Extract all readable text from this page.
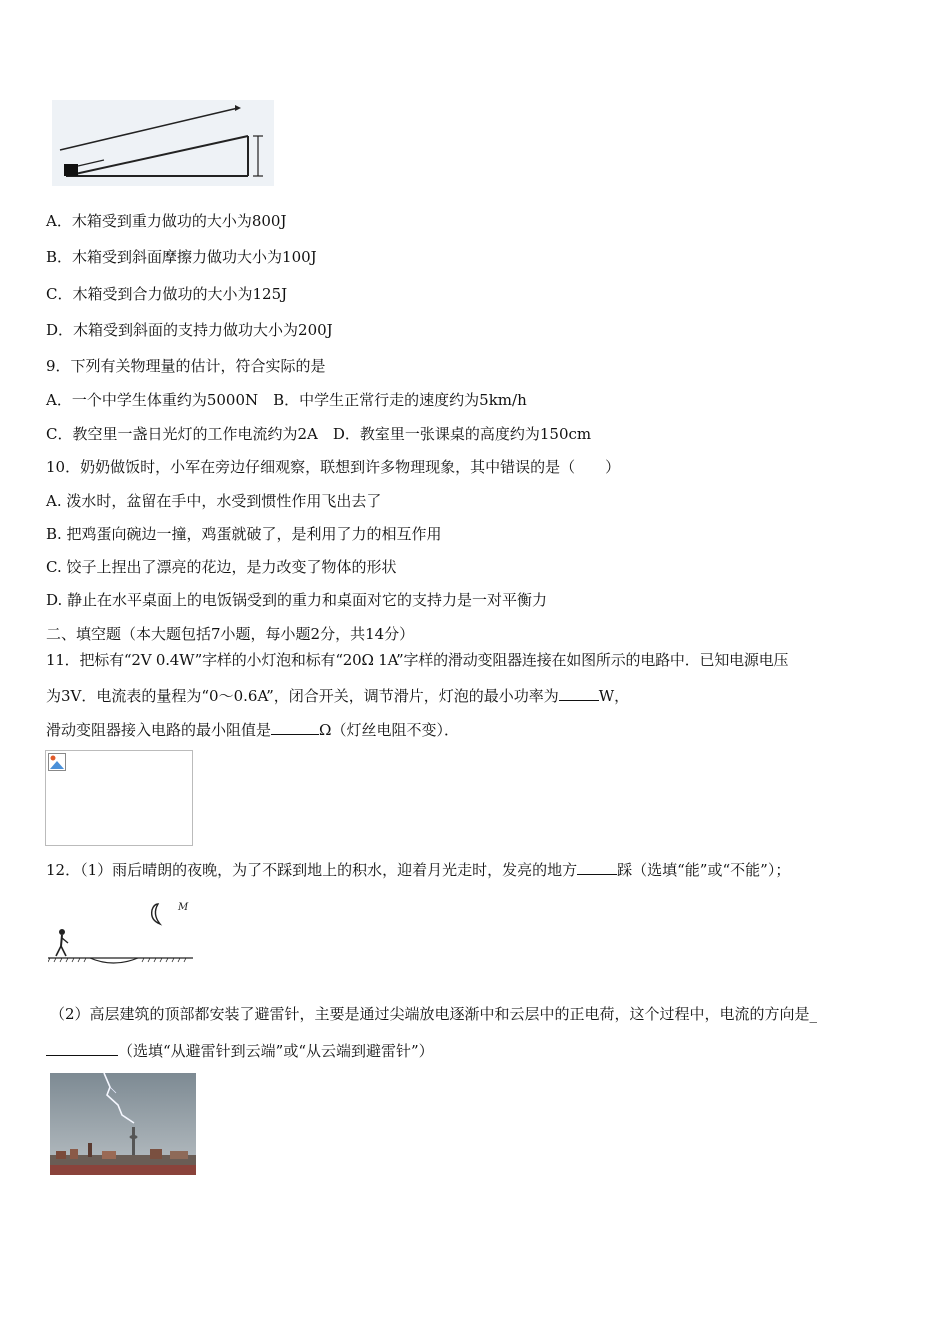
A．木箱受到重力做功的大小为800J
B．木箱受到斜面摩擦力做功大小为100J
C．木箱受到合力做功的大小为125J
D．木箱受到斜面的支持力做功大小为200J
9．下列有关物理量的估计，符合实际的是
A．一个中学生体重约为5000N　B．中学生正常行走的速度约为5km/h
C．教空里一盏日光灯的工作电流约为2A　D．教室里一张课桌的高度约为150cm
10．奶奶做饭时，小军在旁边仔细观察，联想到许多物理现象，其中错误的是（　　）
A. 泼水时，盆留在手中，水受到惯性作用飞出去了
B. 把鸡蛋向碗边一撞，鸡蛋就破了，是利用了力的相互作用
C. 饺子上捏出了漂亮的花边，是力改变了物体的形状
D. 静止在水平桌面上的电饭锅受到的重力和桌面对它的支持力是一对平衡力
二、填空题（本大题包括7小题，每小题2分，共14分）
11．把标有“2V 0.4W”字样的小灯泡和标有“20Ω 1A”字样的滑动变阻器连接在如图所示的电路中．已知电源电压
为3V．电流表的量程为“0～0.6A”，闭合开关，调节滑片，灯泡的最小功率为	W，
滑动变阻器接入电路的最小阻值是	Ω（灯丝电阻不变）．
12．（1）雨后晴朗的夜晚，为了不踩到地上的积水，迎着月光走时，发亮的地方	踩（选填“能”或“不能”）；
M
（2）高层建筑的顶部都安装了避雷针，主要是通过尖端放电逐渐中和云层中的正电荷，这个过程中，电流的方向是_
（选填“从避雷针到云端”或“从云端到避雷针”）
